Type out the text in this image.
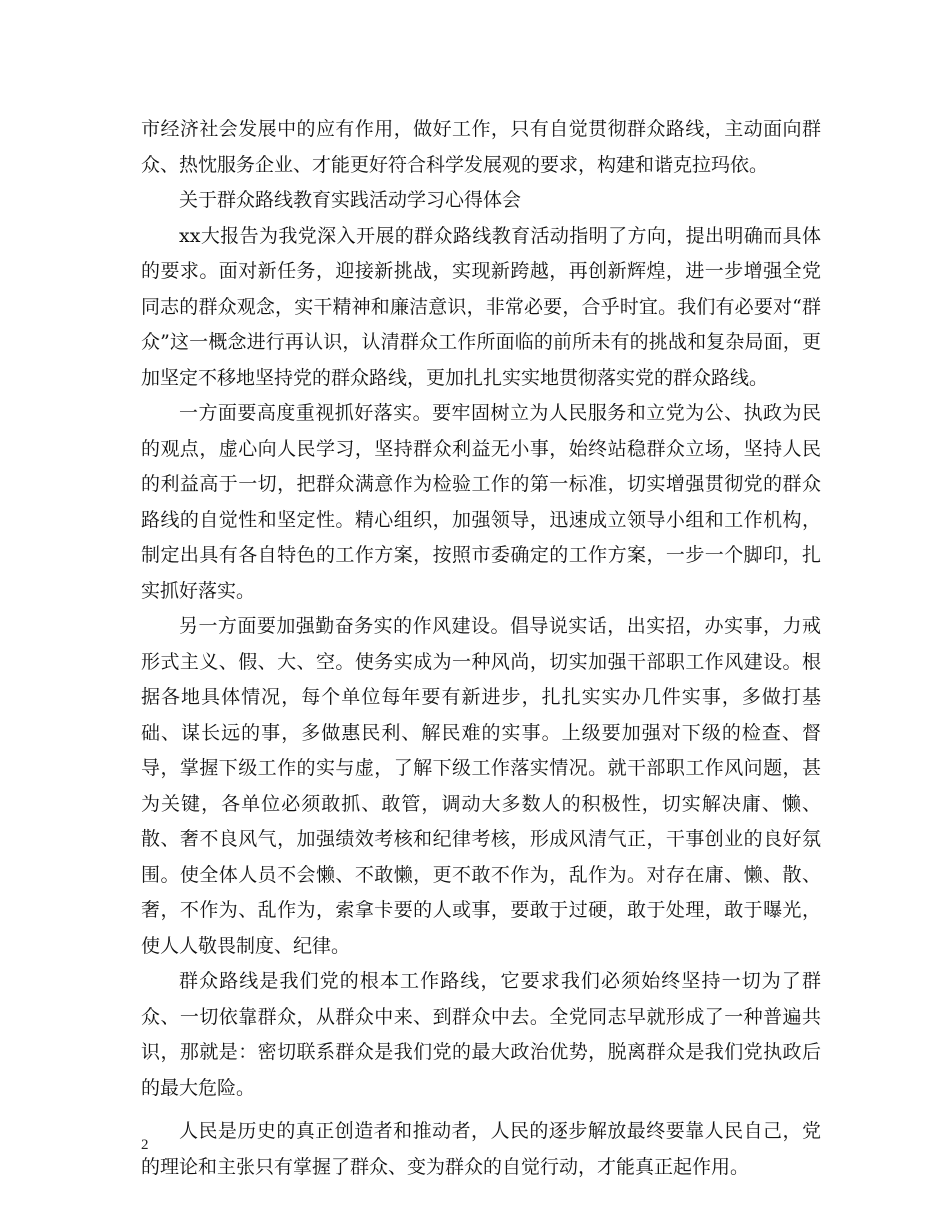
市经济社会发展中的应有作用，做好工作，只有自觉贯彻群众路线，主动面向群众、热忱服务企业、才能更好符合科学发展观的要求，构建和谐克拉玛依。

关于群众路线教育实践活动学习心得体会

xx大报告为我党深入开展的群众路线教育活动指明了方向，提出明确而具体的要求。面对新任务，迎接新挑战，实现新跨越，再创新辉煌，进一步增强全党同志的群众观念，实干精神和廉洁意识，非常必要，合乎时宜。我们有必要对“群众”这一概念进行再认识，认清群众工作所面临的前所未有的挑战和复杂局面，更加坚定不移地坚持党的群众路线，更加扎扎实实地贯彻落实党的群众路线。

一方面要高度重视抓好落实。要牢固树立为人民服务和立党为公、执政为民的观点，虚心向人民学习，坚持群众利益无小事，始终站稳群众立场，坚持人民的利益高于一切，把群众满意作为检验工作的第一标准，切实增强贯彻党的群众路线的自觉性和坚定性。精心组织，加强领导，迅速成立领导小组和工作机构，制定出具有各自特色的工作方案，按照市委确定的工作方案，一步一个脚印，扎实抓好落实。

另一方面要加强勤奋务实的作风建设。倡导说实话，出实招，办实事，力戒形式主义、假、大、空。使务实成为一种风尚，切实加强干部职工作风建设。根据各地具体情况，每个单位每年要有新进步，扎扎实实办几件实事，多做打基础、谋长远的事，多做惠民利、解民难的实事。上级要加强对下级的检查、督导，掌握下级工作的实与虚，了解下级工作落实情况。就干部职工作风问题，甚为关键，各单位必须敢抓、敢管，调动大多数人的积极性，切实解决庸、懒、散、奢不良风气，加强绩效考核和纪律考核，形成风清气正，干事创业的良好氛围。使全体人员不会懒、不敢懒，更不敢不作为，乱作为。对存在庸、懒、散、奢，不作为、乱作为，索拿卡要的人或事，要敢于过硬，敢于处理，敢于曝光，使人人敬畏制度、纪律。

群众路线是我们党的根本工作路线，它要求我们必须始终坚持一切为了群众、一切依靠群众，从群众中来、到群众中去。全党同志早就形成了一种普遍共识，那就是：密切联系群众是我们党的最大政治优势，脱离群众是我们党执政后的最大危险。

人民是历史的真正创造者和推动者，人民的逐步解放最终要靠人民自己，党的理论和主张只有掌握了群众、变为群众的自觉行动，才能真正起作用。

2
